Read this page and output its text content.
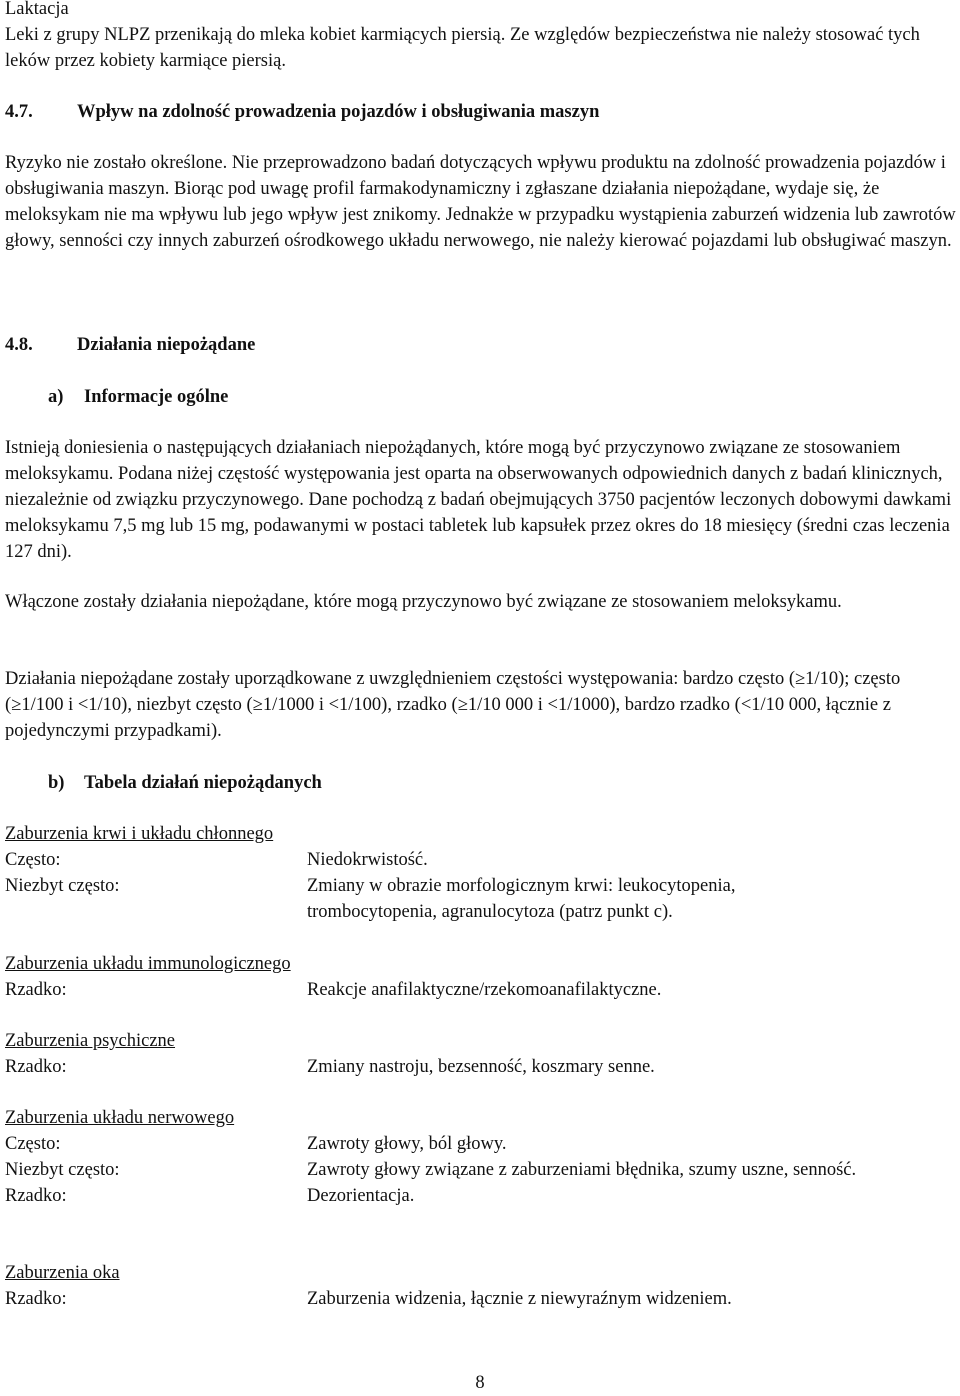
Laktacja

Leki z grupy NLPZ przenikają do mleka kobiet karmiących piersią. Ze względów bezpieczeństwa nie należy stosować tych leków przez kobiety karmiące piersią.

4.7. Wpływ na zdolność prowadzenia pojazdów i obsługiwania maszyn

Ryzyko nie zostało określone. Nie przeprowadzono badań dotyczących wpływu produktu na zdolność prowadzenia pojazdów i obsługiwania maszyn. Biorąc pod uwagę profil farmakodynamiczny i zgłaszane działania niepożądane, wydaje się, że meloksykam nie ma wpływu lub jego wpływ jest znikomy. Jednakże w przypadku wystąpienia zaburzeń widzenia lub zawrotów głowy, senności czy innych zaburzeń ośrodkowego układu nerwowego, nie należy kierować pojazdami lub obsługiwać maszyn.

4.8. Działania niepożądane
a) Informacje ogólne

Istnieją doniesienia o następujących działaniach niepożądanych, które mogą być przyczynowo związane ze stosowaniem meloksykamu. Podana niżej częstość występowania jest oparta na obserwowanych odpowiednich danych z badań klinicznych, niezależnie od związku przyczynowego. Dane pochodzą z badań obejmujących 3750 pacjentów leczonych dobowymi dawkami meloksykamu 7,5 mg lub 15 mg, podawanymi w postaci tabletek lub kapsułek przez okres do 18 miesięcy (średni czas leczenia 127 dni).

Włączone zostały działania niepożądane, które mogą przyczynowo być związane ze stosowaniem meloksykamu.

Działania niepożądane zostały uporządkowane z uwzględnieniem częstości występowania: bardzo często (≥1/10); często (≥1/100 i <1/10), niezbyt często (≥1/1000 i <1/100), rzadko (≥1/10 000 i <1/1000), bardzo rzadko (<1/10 000, łącznie z pojedynczymi przypadkami).

b) Tabela działań niepożądanych

Zaburzenia krwi i układu chłonnego

Często:	Niedokrwistość.
Niezbyt często:	Zmiany w obrazie morfologicznym krwi: leukocytopenia, trombocytopenia, agranulocytoza (patrz punkt c).

Zaburzenia układu immunologicznego

Rzadko:	Reakcje anafilaktyczne/rzekomoanafilaktyczne.

Zaburzenia psychiczne

Rzadko:	Zmiany nastroju, bezsenność, koszmary senne.

Zaburzenia układu nerwowego

Często:	Zawroty głowy, ból głowy.
Niezbyt często:	Zawroty głowy związane z zaburzeniami błędnika, szumy uszne, senność.
Rzadko:	Dezorientacja.

Zaburzenia oka

Rzadko:	Zaburzenia widzenia, łącznie z niewyraźnym widzeniem.
8
